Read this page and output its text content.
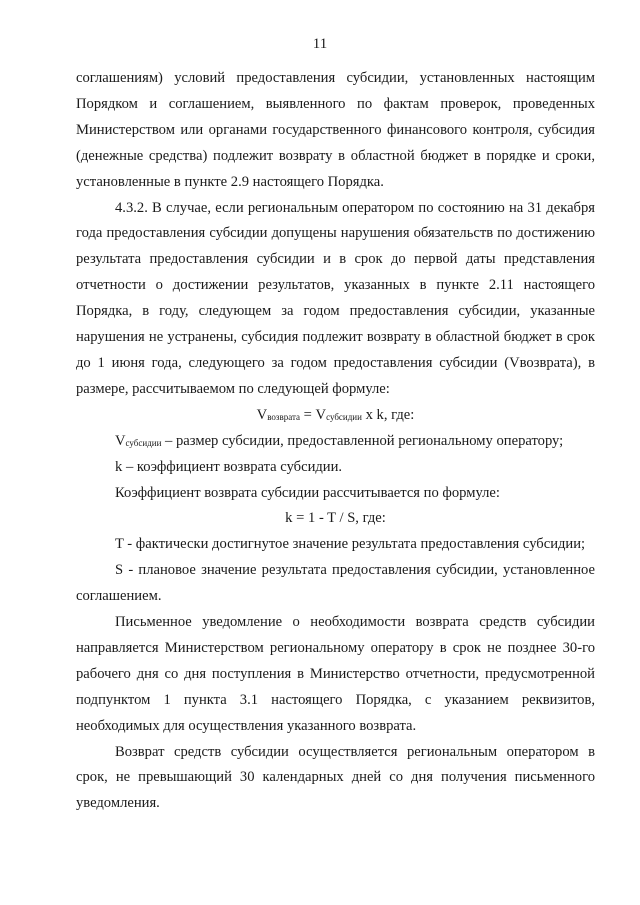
11

соглашениям) условий предоставления субсидии, установленных настоящим Порядком и соглашением, выявленного по фактам проверок, проведенных Министерством или органами государственного финансового контроля, субсидия (денежные средства) подлежит возврату в областной бюджет в порядке и сроки, установленные в пункте 2.9 настоящего Порядка.

4.3.2. В случае, если региональным оператором по состоянию на 31 декабря года предоставления субсидии допущены нарушения обязательств по достижению результата предоставления субсидии и в срок до первой даты представления отчетности о достижении результатов, указанных в пункте 2.11 настоящего Порядка, в году, следующем за годом предоставления субсидии, указанные нарушения не устранены, субсидия подлежит возврату в областной бюджет в срок до 1 июня года, следующего за годом предоставления субсидии (Vвозврата), в размере, рассчитываемом по следующей формуле:

$V_{возврата} = V_{субсидии}$ x k, где:

$V_{субсидии}$ – размер субсидии, предоставленной региональному оператору;

k – коэффициент возврата субсидии.

Коэффициент возврата субсидии рассчитывается по формуле:

k = 1 - T / S, где:

T - фактически достигнутое значение результата предоставления субсидии;

S - плановое значение результата предоставления субсидии, установленное соглашением.

Письменное уведомление о необходимости возврата средств субсидии направляется Министерством региональному оператору в срок не позднее 30-го рабочего дня со дня поступления в Министерство отчетности, предусмотренной подпунктом 1 пункта 3.1 настоящего Порядка, с указанием реквизитов, необходимых для осуществления указанного возврата.

Возврат средств субсидии осуществляется региональным оператором в срок, не превышающий 30 календарных дней со дня получения письменного уведомления.
